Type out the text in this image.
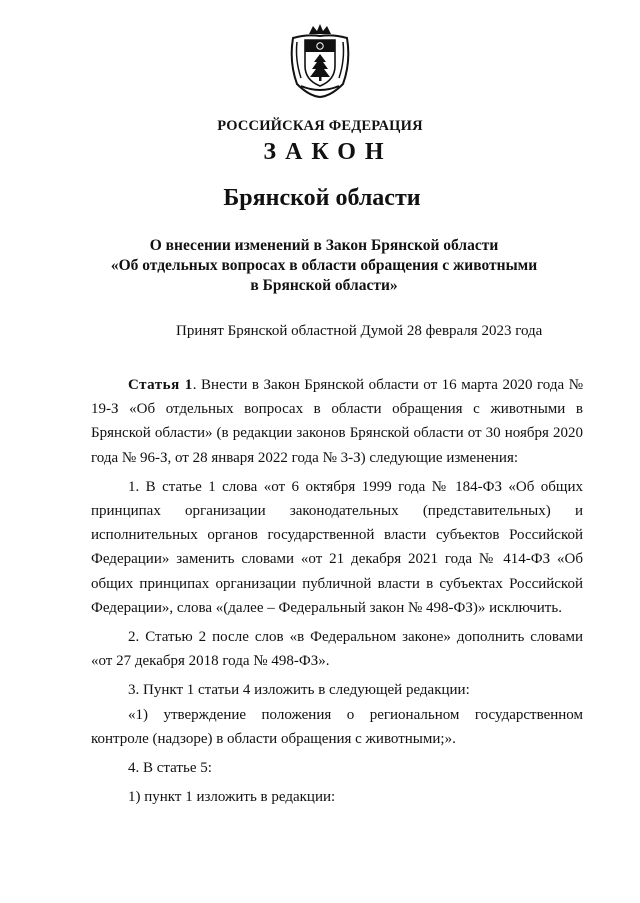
РОССИЙСКАЯ ФЕДЕРАЦИЯ
ЗАКОН
Брянской области
О внесении изменений в Закон Брянской области
«Об отдельных вопросах в области обращения с животными
в Брянской области»
Принят Брянской областной Думой 28 февраля 2023 года

Статья 1. Внести в Закон Брянской области от 16 марта 2020 года № 19-З «Об отдельных вопросах в области обращения с животными в Брянской области» (в редакции законов Брянской области от 30 ноября 2020 года № 96-З, от 28 января 2022 года № 3-З) следующие изменения:

1. В статье 1 слова «от 6 октября 1999 года № 184-ФЗ «Об общих принципах организации законодательных (представительных) и исполнительных органов государственной власти субъектов Российской Федерации» заменить словами «от 21 декабря 2021 года № 414-ФЗ «Об общих принципах организации публичной власти в субъектах Российской Федерации», слова «(далее – Федеральный закон № 498-ФЗ)» исключить.

2. Статью 2 после слов «в Федеральном законе» дополнить словами «от 27 декабря 2018 года № 498-ФЗ».

3. Пункт 1 статьи 4 изложить в следующей редакции:

«1) утверждение положения о региональном государственном контроле (надзоре) в области обращения с животными;».

4. В статье 5:

1) пункт 1 изложить в редакции:
